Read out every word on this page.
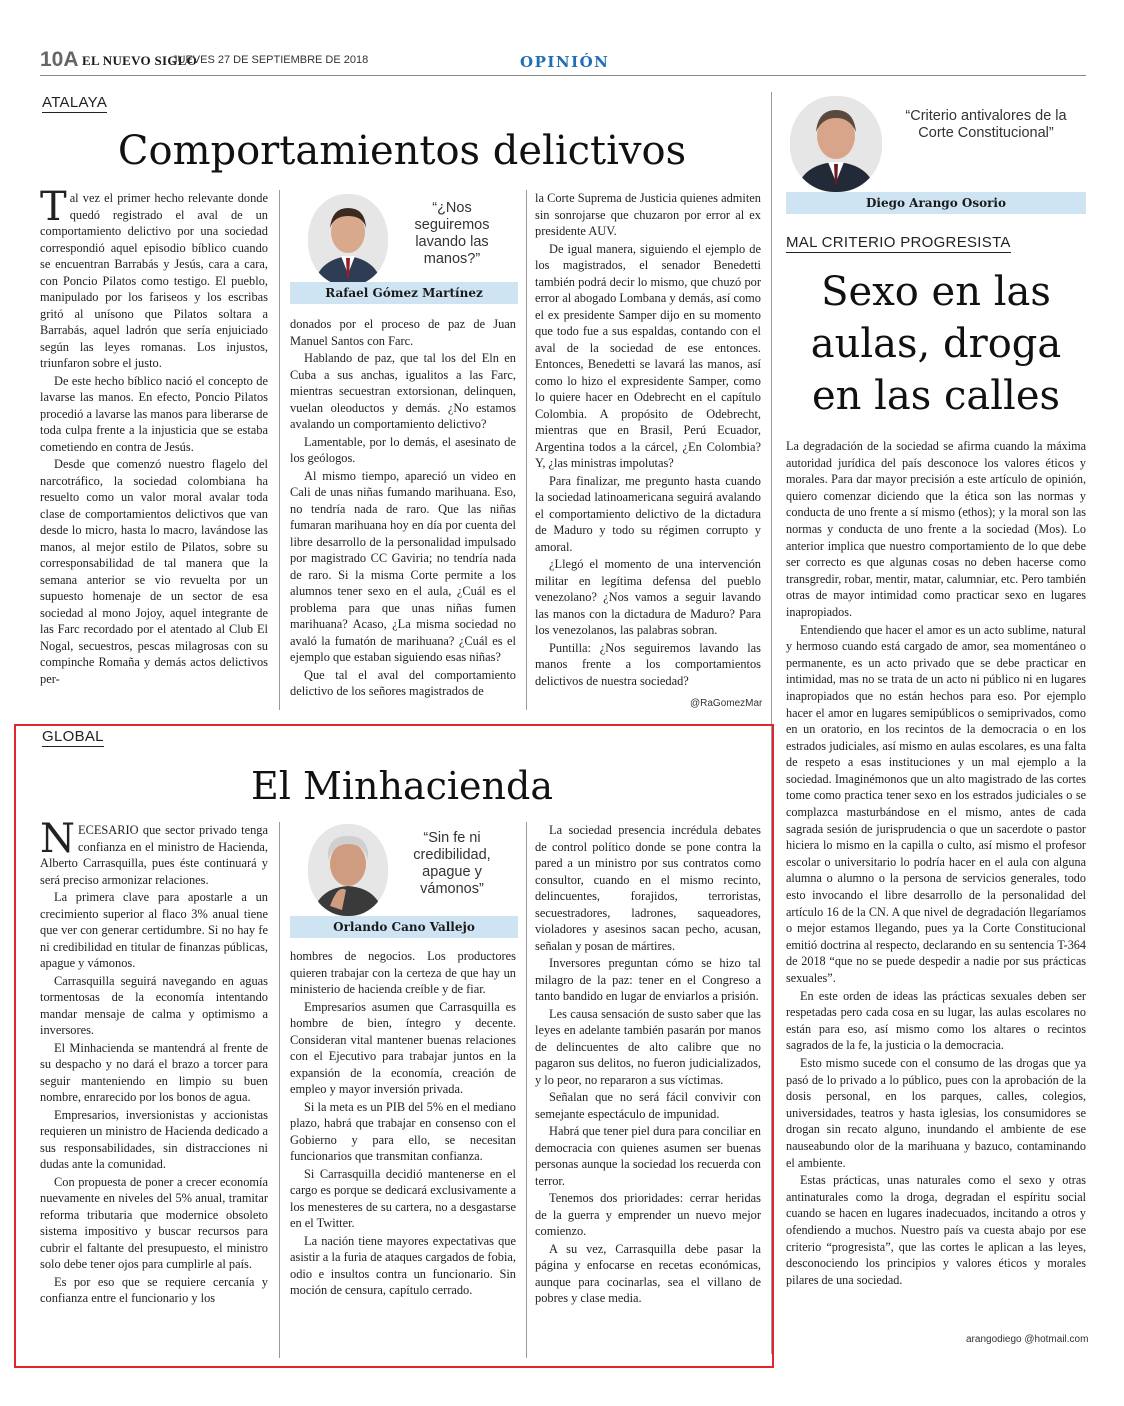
10A EL NUEVO SIGLO
JUEVES 27 DE SEPTIEMBRE DE 2018	OPINIÓN
ATALAYA
Comportamientos delictivos

Tal vez el primer hecho relevante donde quedó registrado el aval de un comportamiento delictivo por una sociedad correspondió aquel episodio bíblico cuando se encuentran Barrabás y Jesús, cara a cara, con Poncio Pilatos como testigo. El pueblo, manipulado por los fariseos y los escribas gritó al unísono que Pilatos soltara a Barrabás, aquel ladrón que sería enjuiciado según las leyes romanas. Los injustos, triunfaron sobre el justo.

De este hecho bíblico nació el concepto de lavarse las manos. En efecto, Poncio Pilatos procedió a lavarse las manos para liberarse de toda culpa frente a la injusticia que se estaba cometiendo en contra de Jesús.

Desde que comenzó nuestro flagelo del narcotráfico, la sociedad colombiana ha resuelto como un valor moral avalar toda clase de comportamientos delictivos que van desde lo micro, hasta lo macro, lavándose las manos, al mejor estilo de Pilatos, sobre su corresponsabilidad de tal manera que la semana anterior se vio revuelta por un supuesto homenaje de un sector de esa sociedad al mono Jojoy, aquel integrante de las Farc recordado por el atentado al Club El Nogal, secuestros, pescas milagrosas con su compinche Romaña y demás actos delictivos per-

“¿Nos seguiremos lavando las manos?”
Rafael Gómez Martínez

donados por el proceso de paz de Juan Manuel Santos con Farc.

Hablando de paz, que tal los del Eln en Cuba a sus anchas, igualitos a las Farc, mientras secuestran extorsionan, delinquen, vuelan oleoductos y demás. ¿No estamos avalando un comportamiento delictivo?

Lamentable, por lo demás, el asesinato de los geólogos.

Al mismo tiempo, apareció un video en Cali de unas niñas fumando marihuana. Eso, no tendría nada de raro. Que las niñas fumaran marihuana hoy en día por cuenta del libre desarrollo de la personalidad impulsado por magistrado CC Gaviria; no tendría nada de raro. Si la misma Corte permite a los alumnos tener sexo en el aula, ¿Cuál es el problema para que unas niñas fumen marihuana? Acaso, ¿La misma sociedad no avaló la fumatón de marihuana? ¿Cuál es el ejemplo que estaban siguiendo esas niñas?

Que tal el aval del comportamiento delictivo de los señores magistrados de

la Corte Suprema de Justicia quienes admiten sin sonrojarse que chuzaron por error al ex presidente AUV.

De igual manera, siguiendo el ejemplo de los magistrados, el senador Benedetti también podrá decir lo mismo, que chuzó por error al abogado Lombana y demás, así como el ex presidente Samper dijo en su momento que todo fue a sus espaldas, contando con el aval de la sociedad de ese entonces. Entonces, Benedetti se lavará las manos, así como lo hizo el expresidente Samper, como lo quiere hacer en Odebrecht en el capítulo Colombia. A propósito de Odebrecht, mientras que en Brasil, Perú Ecuador, Argentina todos a la cárcel, ¿En Colombia? Y, ¿las ministras impolutas?

Para finalizar, me pregunto hasta cuando la sociedad latinoamericana seguirá avalando el comportamiento delictivo de la dictadura de Maduro y todo su régimen corrupto y amoral.

¿Llegó el momento de una intervención militar en legítima defensa del pueblo venezolano? ¿Nos vamos a seguir lavando las manos con la dictadura de Maduro? Para los venezolanos, las palabras sobran.

Puntilla: ¿Nos seguiremos lavando las manos frente a los comportamientos delictivos de nuestra sociedad?

@RaGomezMar
GLOBAL
El Minhacienda

NECESARIO que sector privado tenga confianza en el ministro de Hacienda, Alberto Carrasquilla, pues éste continuará y será preciso armonizar relaciones.

La primera clave para apostarle a un crecimiento superior al flaco 3% anual tiene que ver con generar certidumbre. Si no hay fe ni credibilidad en titular de finanzas públicas, apague y vámonos.

Carrasquilla seguirá navegando en aguas tormentosas de la economía intentando mandar mensaje de calma y optimismo a inversores.

El Minhacienda se mantendrá al frente de su despacho y no dará el brazo a torcer para seguir manteniendo en limpio su buen nombre, enrarecido por los bonos de agua.

Empresarios, inversionistas y accionistas requieren un ministro de Hacienda dedicado a sus responsabilidades, sin distracciones ni dudas ante la comunidad.

Con propuesta de poner a crecer economía nuevamente en niveles del 5% anual, tramitar reforma tributaria que modernice obsoleto sistema impositivo y buscar recursos para cubrir el faltante del presupuesto, el ministro solo debe tener ojos para cumplirle al país.

Es por eso que se requiere cercanía y confianza entre el funcionario y los

“Sin fe ni credibilidad, apague y vámonos”
Orlando Cano Vallejo

hombres de negocios. Los productores quieren trabajar con la certeza de que hay un ministerio de hacienda creíble y de fiar.

Empresarios asumen que Carrasquilla es hombre de bien, íntegro y decente. Consideran vital mantener buenas relaciones con el Ejecutivo para trabajar juntos en la expansión de la economía, creación de empleo y mayor inversión privada.

Si la meta es un PIB del 5% en el mediano plazo, habrá que trabajar en consenso con el Gobierno y para ello, se necesitan funcionarios que transmitan confianza.

Si Carrasquilla decidió mantenerse en el cargo es porque se dedicará exclusivamente a los menesteres de su cartera, no a desgastarse en el Twitter.

La nación tiene mayores expectativas que asistir a la furia de ataques cargados de fobia, odio e insultos contra un funcionario. Sin moción de censura, capítulo cerrado.

La sociedad presencia incrédula debates de control político donde se pone contra la pared a un ministro por sus contratos como consultor, cuando en el mismo recinto, delincuentes, forajidos, terroristas, secuestradores, ladrones, saqueadores, violadores y asesinos sacan pecho, acusan, señalan y posan de mártires.

Inversores preguntan cómo se hizo tal milagro de la paz: tener en el Congreso a tanto bandido en lugar de enviarlos a prisión.

Les causa sensación de susto saber que las leyes en adelante también pasarán por manos de delincuentes de alto calibre que no pagaron sus delitos, no fueron judicializados, y lo peor, no repararon a sus víctimas.

Señalan que no será fácil convivir con semejante espectáculo de impunidad.

Habrá que tener piel dura para conciliar en democracia con quienes asumen ser buenas personas aunque la sociedad los recuerda con terror.

Tenemos dos prioridades: cerrar heridas de la guerra y emprender un nuevo mejor comienzo.

A su vez, Carrasquilla debe pasar la página y enfocarse en recetas económicas, aunque para cocinarlas, sea el villano de pobres y clase media.

“Criterio antivalores de la Corte Constitucional”
Diego Arango Osorio
MAL CRITERIO PROGRESISTA
Sexo en las aulas, droga en las calles

La degradación de la sociedad se afirma cuando la máxima autoridad jurídica del país desconoce los valores éticos y morales. Para dar mayor precisión a este artículo de opinión, quiero comenzar diciendo que la ética son las normas y conducta de uno frente a sí mismo (ethos); y la moral son las normas y conducta de uno frente a la sociedad (Mos). Lo anterior implica que nuestro comportamiento de lo que debe ser correcto es que algunas cosas no deben hacerse como transgredir, robar, mentir, matar, calumniar, etc. Pero también otras de mayor intimidad como practicar sexo en lugares inapropiados.

Entendiendo que hacer el amor es un acto sublime, natural y hermoso cuando está cargado de amor, sea momentáneo o permanente, es un acto privado que se debe practicar en intimidad, mas no se trata de un acto ni público ni en lugares inapropiados que no están hechos para eso. Por ejemplo hacer el amor en lugares semipúblicos o semiprivados, como en un oratorio, en los recintos de la democracia o en los estrados judiciales, así mismo en aulas escolares, es una falta de respeto a esas instituciones y un mal ejemplo a la sociedad. Imaginémonos que un alto magistrado de las cortes tome como practica tener sexo en los estrados judiciales o se complazca masturbándose en el mismo, antes de cada sagrada sesión de jurisprudencia o que un sacerdote o pastor hiciera lo mismo en la capilla o culto, así mismo el profesor escolar o universitario lo podría hacer en el aula con alguna alumna o alumno o la persona de servicios generales, todo esto invocando el libre desarrollo de la personalidad del artículo 16 de la CN. A que nivel de degradación llegaríamos o mejor estamos llegando, pues ya la Corte Constitucional emitió doctrina al respecto, declarando en su sentencia T-364 de 2018 “que no se puede despedir a nadie por sus prácticas sexuales”.

En este orden de ideas las prácticas sexuales deben ser respetadas pero cada cosa en su lugar, las aulas escolares no están para eso, así mismo como los altares o recintos sagrados de la fe, la justicia o la democracia.

Esto mismo sucede con el consumo de las drogas que ya pasó de lo privado a lo público, pues con la aprobación de la dosis personal, en los parques, calles, colegios, universidades, teatros y hasta iglesias, los consumidores se drogan sin recato alguno, inundando el ambiente de ese nauseabundo olor de la marihuana y bazuco, contaminando el ambiente.

Estas prácticas, unas naturales como el sexo y otras antinaturales como la droga, degradan el espíritu social cuando se hacen en lugares inadecuados, incitando a otros y ofendiendo a muchos. Nuestro país va cuesta abajo por ese criterio “progresista”, que las cortes le aplican a las leyes, desconociendo los principios y valores éticos y morales pilares de una sociedad.

arangodiego @hotmail.com
